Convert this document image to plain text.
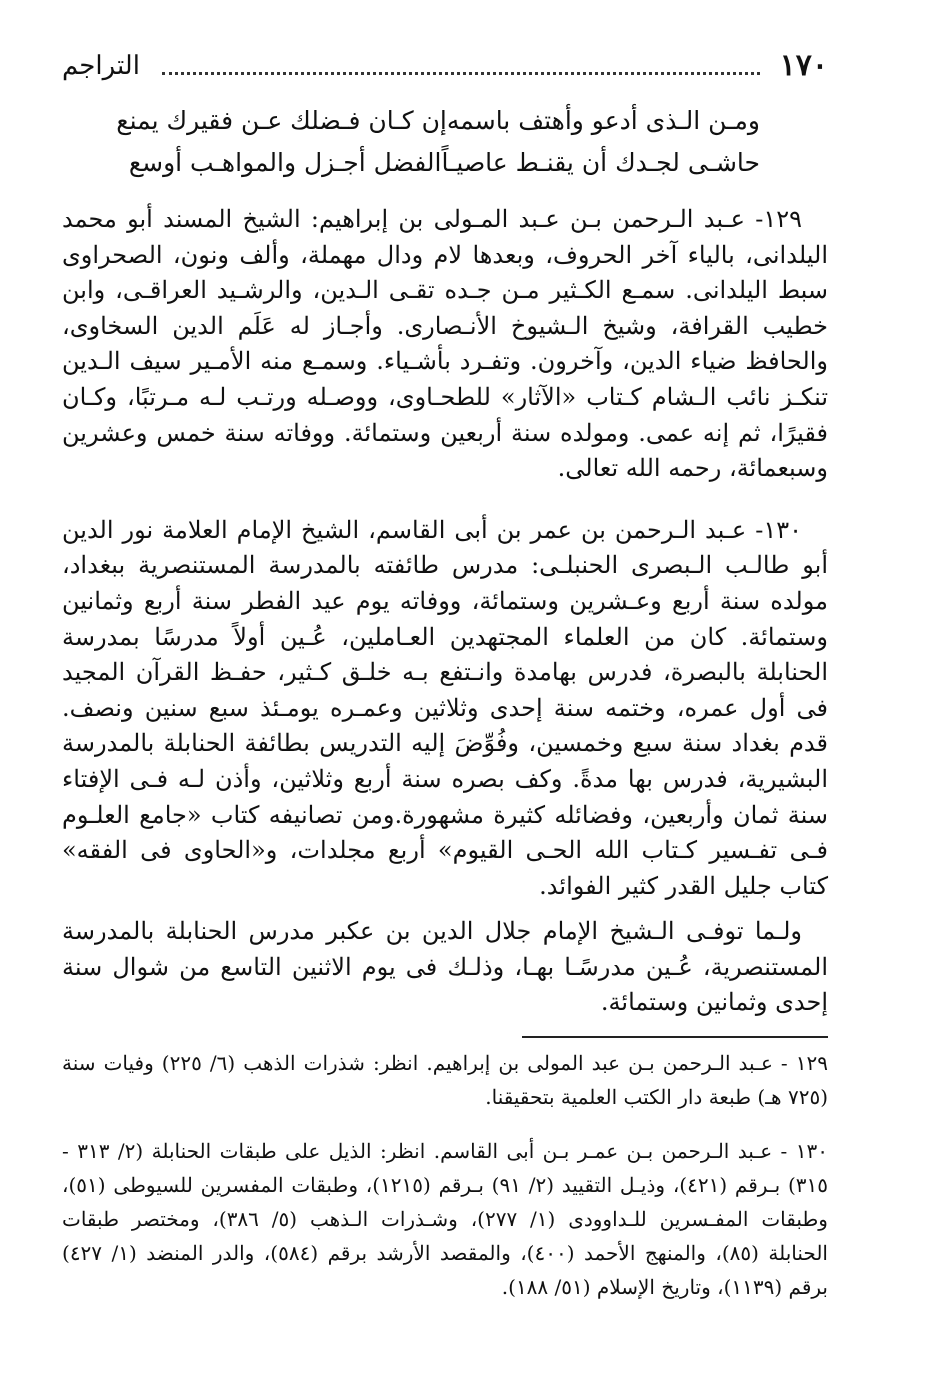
١٧٠
التراجم
ومـن الـذى أدعو وأهتف باسمه
إن كـان فـضلك عـن فقيرك يمنع
حاشـى لجـدك أن يقنـط عاصيـاً
الفضل أجـزل والمواهـب أوسع

١٢٩- عـبد الـرحمن بـن عـبد المـولى بن إبراهيم: الشيخ المسند أبو محمد اليلدانى، بالياء آخر الحروف، وبعدها لام ودال مهملة، وألف ونون، الصحراوى سبط اليلدانى. سمـع الكـثير مـن جـده تقـى الـدين، والرشـيد العراقـى، وابن خطيب القرافة، وشيخ الـشيوخ الأنـصارى. وأجـاز له عَلَم الدين السخاوى، والحافظ ضياء الدين، وآخرون. وتفـرد بأشـياء. وسمـع منه الأمـير سيف الـدين تنكـز نائب الـشام كـتاب «الآثار» للطحـاوى، ووصـله ورتـب لـه مـرتبًا، وكـان فقيرًا، ثم إنه عمى. ومولده سنة أربعين وستمائة. ووفاته سنة خمس وعشرين وسبعمائة، رحمه الله تعالى.

١٣٠- عـبد الـرحمن بن عمر بن أبى القاسم، الشيخ الإمام العلامة نور الدين أبو طالـب الـبصرى الحنبلـى: مدرس طائفته بالمدرسة المستنصرية ببغداد، مولده سنة أربع وعـشرين وستمائة، ووفاته يوم عيد الفطر سنة أربع وثمانين وستمائة. كان من العلماء المجتهدين العـاملين، عُـين أولاً مدرسًا بمدرسة الحنابلة بالبصرة، فدرس بهامدة وانـتفع بـه خلـق كـثير، حفـظ القرآن المجيد فى أول عمره، وختمه سنة إحدى وثلاثين وعمـره يومـئذ سبع سنين ونصف. قدم بغداد سنة سبع وخمسين، وفُوِّضَ إليه التدريس بطائفة الحنابلة بالمدرسة البشيرية، فدرس بها مدةً. وكف بصره سنة أربع وثلاثين، وأذن لـه فـى الإفتاء سنة ثمان وأربعين، وفضائله كثيرة مشهورة.ومن تصانيفه كتاب «جامع العلـوم فـى تفـسير كـتاب الله الحـى القيوم» أربع مجلدات، و«الحاوى فى الفقه» كتاب جليل القدر كثير الفوائد.

ولـما توفـى الـشيخ الإمام جلال الدين بن عكبر مدرس الحنابلة بالمدرسة المستنصرية، عُـين مدرسًـا بهـا، وذلـك فى يوم الاثنين التاسع من شوال سنة إحدى وثمانين وستمائة.

١٢٩ - عـبد الـرحمن بـن عبد المولى بن إبراهيم. انظر: شذرات الذهب (٦/ ٢٢٥) وفيات سنة (٧٢٥ هـ) طبعة دار الكتب العلمية بتحقيقنا.

١٣٠ - عـبد الـرحمن بـن عمـر بـن أبى القاسم. انظر: الذيل على طبقات الحنابلة (٢/ ٣١٣ - ٣١٥) بـرقم (٤٢١)، وذيـل التقييد (٢/ ٩١) بـرقم (١٢١٥)، وطبقات المفسرين للسيوطى (٥١)، وطبقات المفـسرين للـداوودى (١/ ٢٧٧)، وشـذرات الـذهب (٥/ ٣٨٦)، ومختصر طبقات الحنابلة (٨٥)، والمنهج الأحمد (٤٠٠)، والمقصد الأرشد برقم (٥٨٤)، والدر المنضد (١/ ٤٢٧) برقم (١١٣٩)، وتاريخ الإسلام (٥١/ ١٨٨).
